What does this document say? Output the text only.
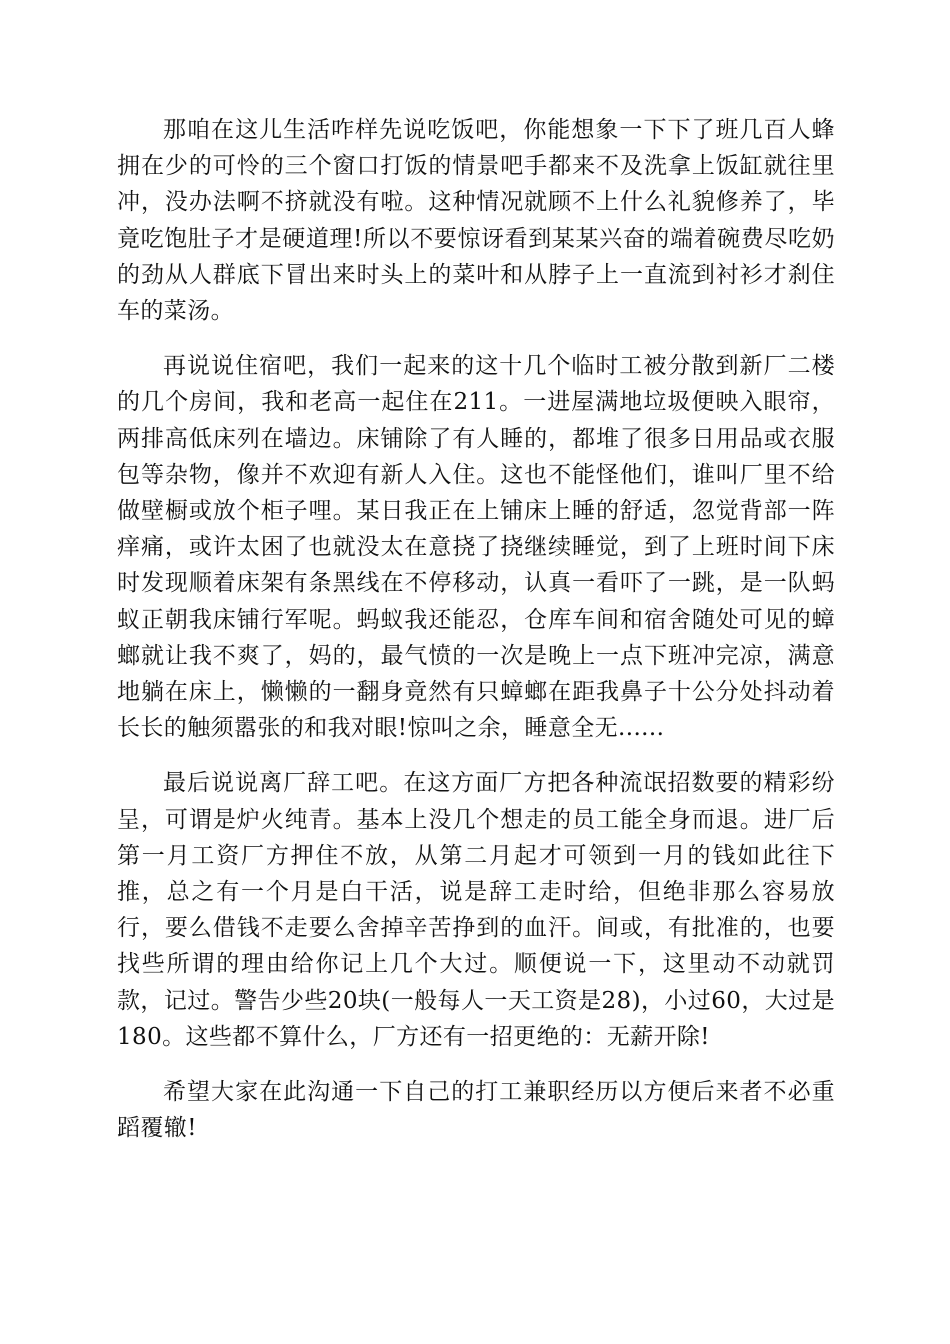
那咱在这儿生活咋样先说吃饭吧，你能想象一下下了班几百人蜂拥在少的可怜的三个窗口打饭的情景吧手都来不及洗拿上饭缸就往里冲，没办法啊不挤就没有啦。这种情况就顾不上什么礼貌修养了，毕竟吃饱肚子才是硬道理!所以不要惊讶看到某某兴奋的端着碗费尽吃奶的劲从人群底下冒出来时头上的菜叶和从脖子上一直流到衬衫才刹住车的菜汤。

再说说住宿吧，我们一起来的这十几个临时工被分散到新厂二楼的几个房间，我和老高一起住在211。一进屋满地垃圾便映入眼帘，两排高低床列在墙边。床铺除了有人睡的，都堆了很多日用品或衣服包等杂物，像并不欢迎有新人入住。这也不能怪他们，谁叫厂里不给做壁橱或放个柜子哩。某日我正在上铺床上睡的舒适，忽觉背部一阵痒痛，或许太困了也就没太在意挠了挠继续睡觉，到了上班时间下床时发现顺着床架有条黑线在不停移动，认真一看吓了一跳，是一队蚂蚁正朝我床铺行军呢。蚂蚁我还能忍，仓库车间和宿舍随处可见的蟑螂就让我不爽了，妈的，最气愤的一次是晚上一点下班冲完凉，满意地躺在床上，懒懒的一翻身竟然有只蟑螂在距我鼻子十公分处抖动着长长的触须嚣张的和我对眼!惊叫之余，睡意全无......

最后说说离厂辞工吧。在这方面厂方把各种流氓招数要的精彩纷呈，可谓是炉火纯青。基本上没几个想走的员工能全身而退。进厂后第一月工资厂方押住不放，从第二月起才可领到一月的钱如此往下推，总之有一个月是白干活，说是辞工走时给，但绝非那么容易放行，要么借钱不走要么舍掉辛苦挣到的血汗。间或，有批准的，也要找些所谓的理由给你记上几个大过。顺便说一下，这里动不动就罚款，记过。警告少些20块(一般每人一天工资是28)，小过60，大过是180。这些都不算什么，厂方还有一招更绝的：无薪开除!

希望大家在此沟通一下自己的打工兼职经历以方便后来者不必重蹈覆辙!
